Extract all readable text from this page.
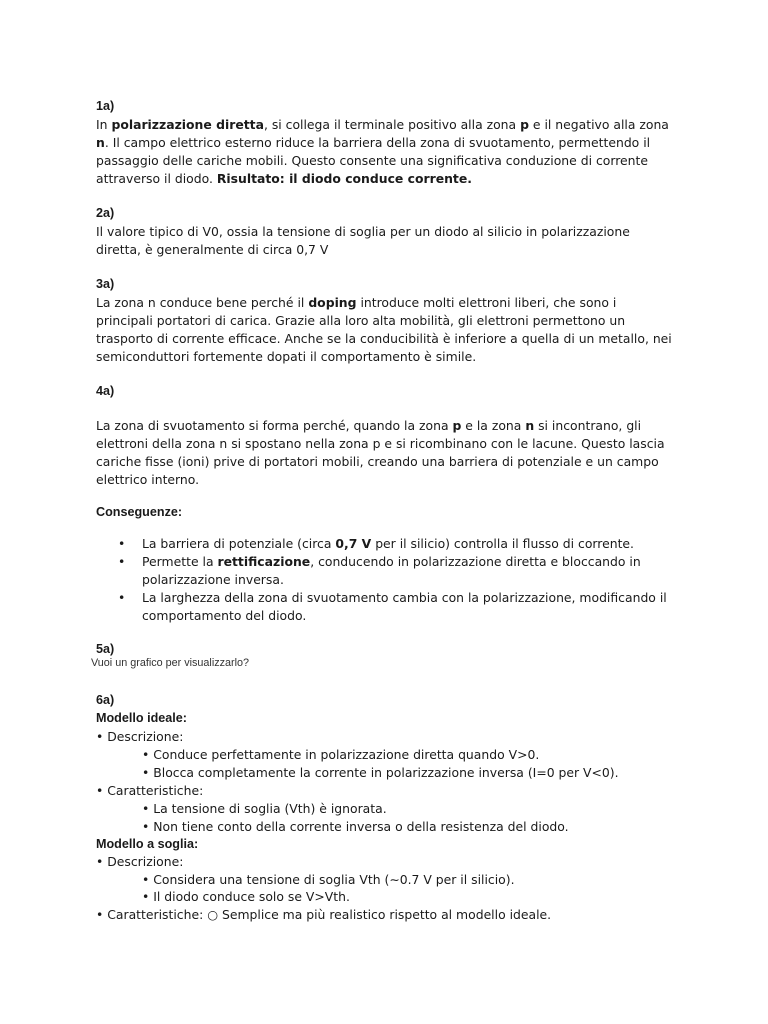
1a)

In polarizzazione diretta, si collega il terminale positivo alla zona p e il negativo alla zona n. Il campo elettrico esterno riduce la barriera della zona di svuotamento, permettendo il passaggio delle cariche mobili. Questo consente una significativa conduzione di corrente attraverso il diodo. Risultato: il diodo conduce corrente.

2a)

Il valore tipico di V0, ossia la tensione di soglia per un diodo al silicio in polarizzazione diretta, è generalmente di circa 0,7 V

3a)

La zona n conduce bene perché il doping introduce molti elettroni liberi, che sono i principali portatori di carica. Grazie alla loro alta mobilità, gli elettroni permettono un trasporto di corrente efficace. Anche se la conducibilità è inferiore a quella di un metallo, nei semiconduttori fortemente dopati il comportamento è simile.

4a)

La zona di svuotamento si forma perché, quando la zona p e la zona n si incontrano, gli elettroni della zona n si spostano nella zona p e si ricombinano con le lacune. Questo lascia cariche fisse (ioni) prive di portatori mobili, creando una barriera di potenziale e un campo elettrico interno.

Conseguenze:
• La barriera di potenziale (circa 0,7 V per il silicio) controlla il flusso di corrente.
• Permette la rettificazione, conducendo in polarizzazione diretta e bloccando in polarizzazione inversa.
• La larghezza della zona di svuotamento cambia con la polarizzazione, modificando il comportamento del diodo.
5a)
Vuoi un grafico per visualizzarlo?
6a)
Modello ideale:
• Descrizione:
• Conduce perfettamente in polarizzazione diretta quando V>0.
• Blocca completamente la corrente in polarizzazione inversa (I=0 per V<0).
• Caratteristiche:
• La tensione di soglia (Vth) è ignorata.
• Non tiene conto della corrente inversa o della resistenza del diodo.
Modello a soglia:
• Descrizione:
• Considera una tensione di soglia Vth (∼0.7 V per il silicio).
• Il diodo conduce solo se V>Vth.
• Caratteristiche: ○ Semplice ma più realistico rispetto al modello ideale.
